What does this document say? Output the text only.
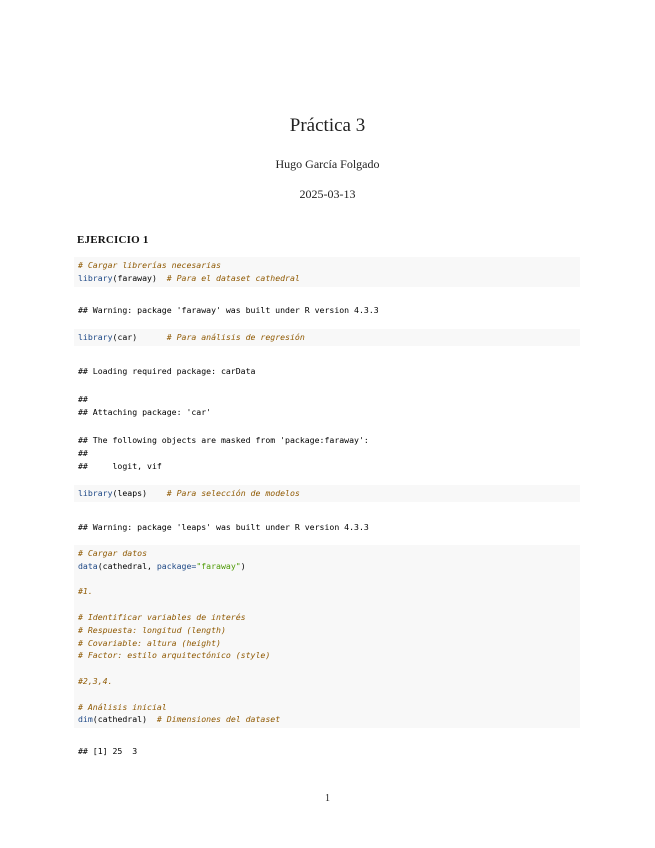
Práctica 3
Hugo García Folgado
2025-03-13
EJERCICIO 1
# Cargar librerías necesarias
library(faraway)  # Para el dataset cathedral
## Warning: package 'faraway' was built under R version 4.3.3
library(car)      # Para análisis de regresión
## Loading required package: carData
##
## Attaching package: 'car'
## The following objects are masked from 'package:faraway':
##
##     logit, vif
library(leaps)    # Para selección de modelos
## Warning: package 'leaps' was built under R version 4.3.3
# Cargar datos
data(cathedral, package="faraway")
#1.
# Identificar variables de interés
# Respuesta: longitud (length)
# Covariable: altura (height)
# Factor: estilo arquitectónico (style)
#2,3,4.
# Análisis inicial
dim(cathedral)  # Dimensiones del dataset
## [1] 25  3
1
